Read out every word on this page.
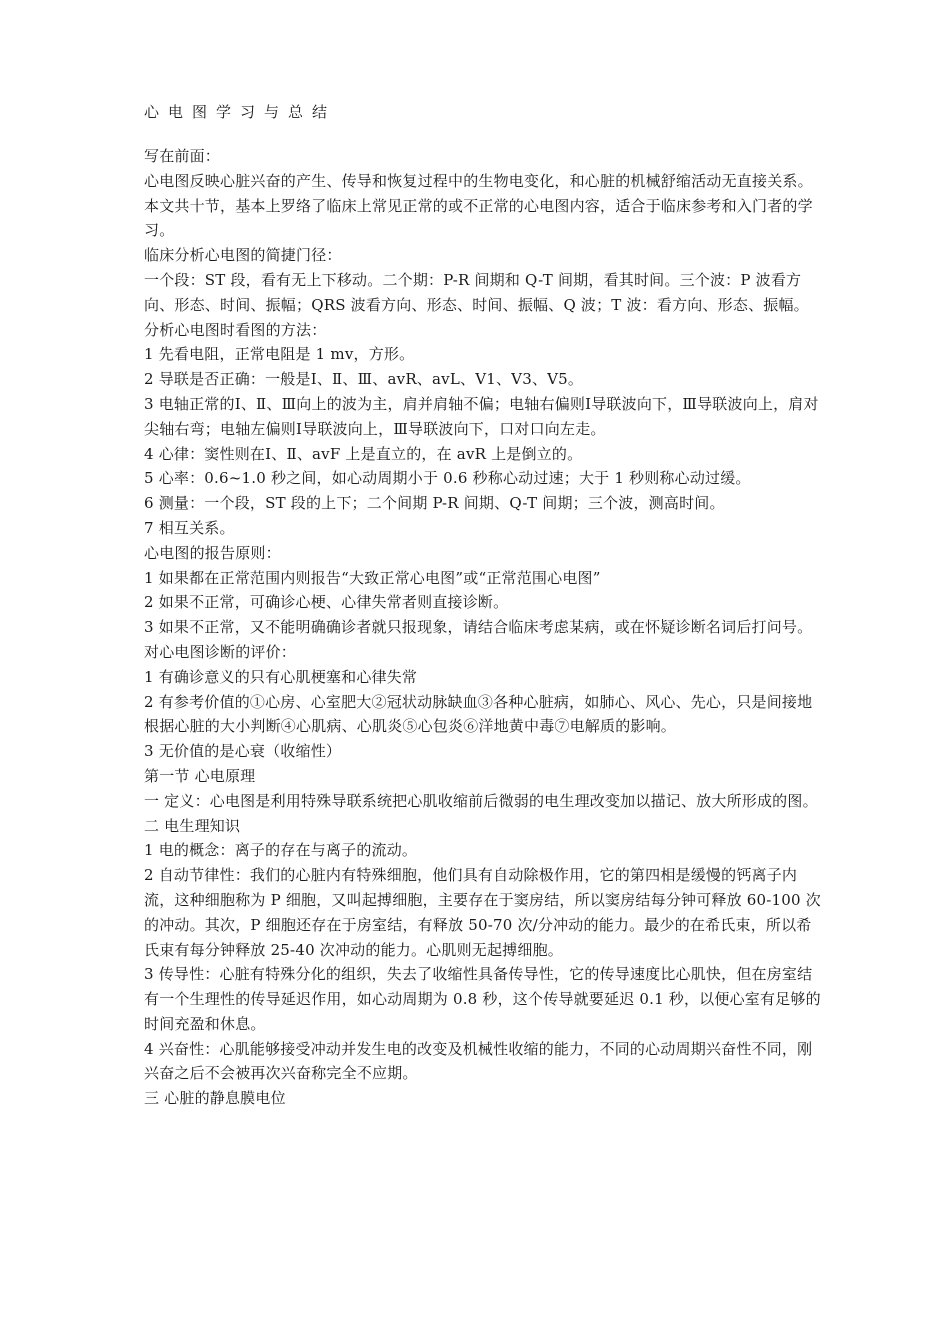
心电图学习与总结

写在前面：

心电图反映心脏兴奋的产生、传导和恢复过程中的生物电变化，和心脏的机械舒缩活动无直接关系。

本文共十节，基本上罗络了临床上常见正常的或不正常的心电图内容，适合于临床参考和入门者的学习。

临床分析心电图的简捷门径：

一个段：ST 段，看有无上下移动。二个期：P-R 间期和 Q-T 间期，看其时间。三个波：P 波看方向、形态、时间、振幅；QRS 波看方向、形态、时间、振幅、Q 波；T 波：看方向、形态、振幅。

分析心电图时看图的方法：

1 先看电阻，正常电阻是 1 mv，方形。

2 导联是否正确：一般是Ⅰ、Ⅱ、Ⅲ、avR、avL、V1、V3、V5。

3 电轴正常的Ⅰ、Ⅱ、Ⅲ向上的波为主，肩并肩轴不偏；电轴右偏则Ⅰ导联波向下，Ⅲ导联波向上，肩对尖轴右弯；电轴左偏则Ⅰ导联波向上，Ⅲ导联波向下，口对口向左走。

4 心律：窦性则在Ⅰ、Ⅱ、avF 上是直立的，在 avR 上是倒立的。

5 心率：0.6~1.0 秒之间，如心动周期小于 0.6 秒称心动过速；大于 1 秒则称心动过缓。

6 测量：一个段，ST 段的上下；二个间期 P-R 间期、Q-T 间期；三个波，测高时间。

7 相互关系。

心电图的报告原则：

1 如果都在正常范围内则报告“大致正常心电图”或“正常范围心电图”

2 如果不正常，可确诊心梗、心律失常者则直接诊断。

3 如果不正常，又不能明确确诊者就只报现象，请结合临床考虑某病，或在怀疑诊断名词后打问号。

对心电图诊断的评价：

1 有确诊意义的只有心肌梗塞和心律失常

2 有参考价值的①心房、心室肥大②冠状动脉缺血③各种心脏病，如肺心、风心、先心，只是间接地根据心脏的大小判断④心肌病、心肌炎⑤心包炎⑥洋地黄中毒⑦电解质的影响。

3 无价值的是心衰（收缩性）

第一节 心电原理

一 定义：心电图是利用特殊导联系统把心肌收缩前后微弱的电生理改变加以描记、放大所形成的图。

二 电生理知识

1 电的概念：离子的存在与离子的流动。

2 自动节律性：我们的心脏内有特殊细胞，他们具有自动除极作用，它的第四相是缓慢的钙离子内流，这种细胞称为 P 细胞，又叫起搏细胞，主要存在于窦房结，所以窦房结每分钟可释放 60-100 次的冲动。其次，P 细胞还存在于房室结，有释放 50-70 次/分冲动的能力。最少的在希氏束，所以希氏束有每分钟释放 25-40 次冲动的能力。心肌则无起搏细胞。

3 传导性：心脏有特殊分化的组织，失去了收缩性具备传导性，它的传导速度比心肌快，但在房室结有一个生理性的传导延迟作用，如心动周期为 0.8 秒，这个传导就要延迟 0.1 秒，以便心室有足够的时间充盈和休息。

4 兴奋性：心肌能够接受冲动并发生电的改变及机械性收缩的能力，不同的心动周期兴奋性不同，刚兴奋之后不会被再次兴奋称完全不应期。

三 心脏的静息膜电位
